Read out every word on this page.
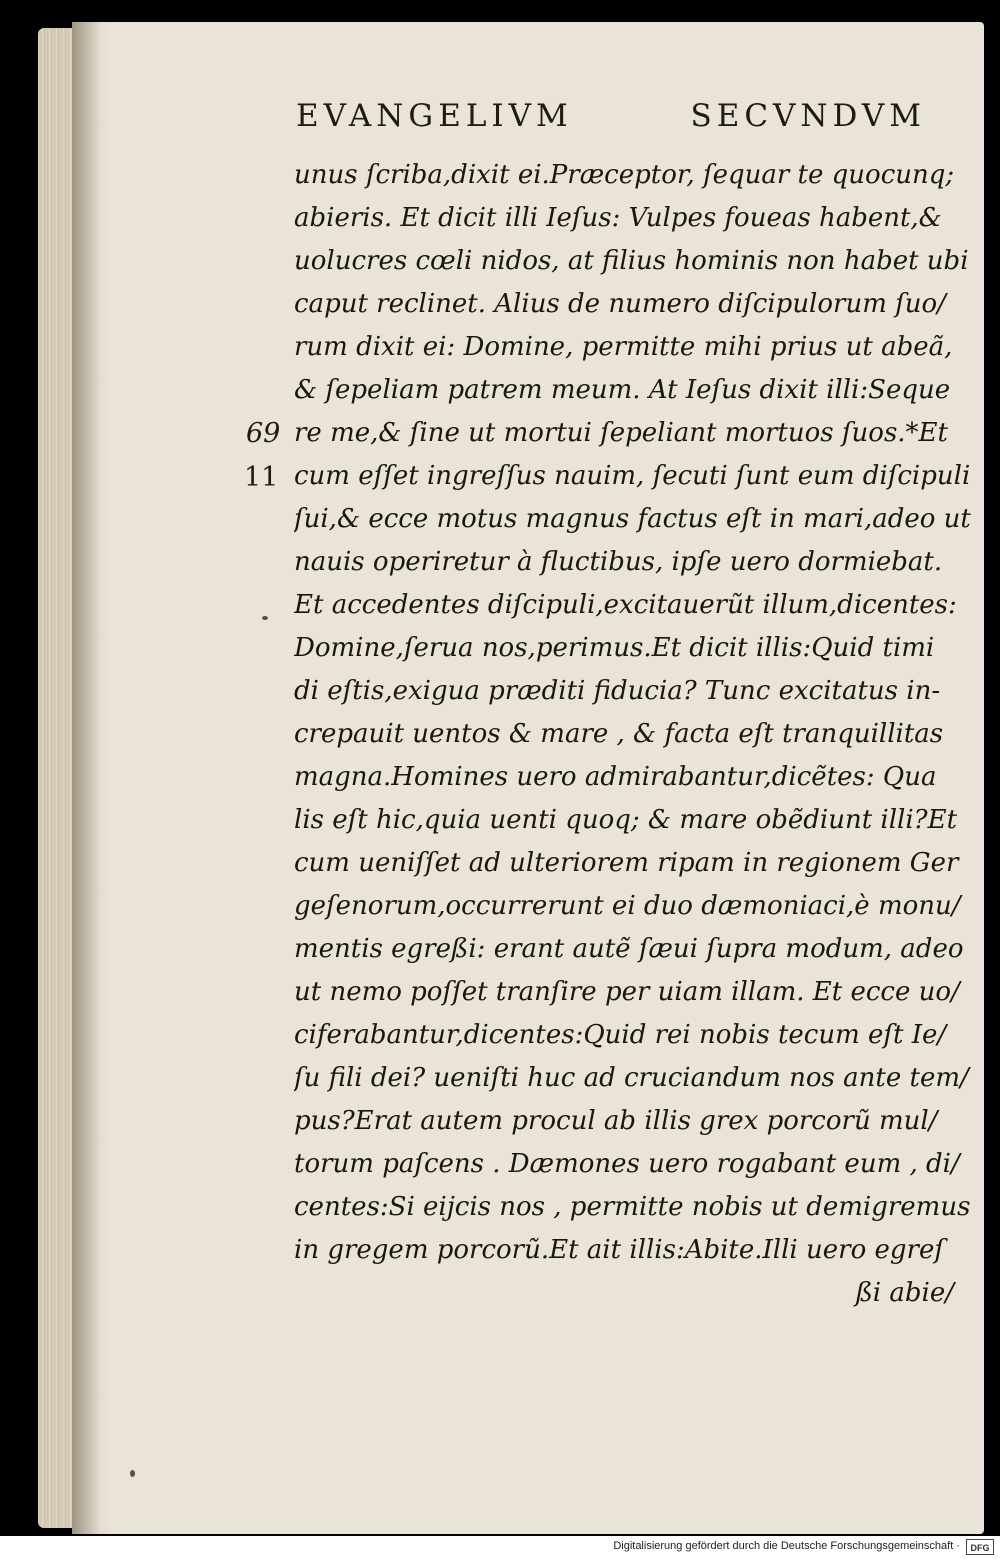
EVANGELIVM	SECVNDVM
69
11
unus ſcriba,dixit ei.Præceptor, ſequar te quocunq;
abieris. Et dicit illi Ieſus: Vulpes foueas habent,&
uolucres cœli nidos, at filius hominis non habet ubi
caput reclinet. Alius de numero diſcipulorum ſuo/
rum dixit ei: Domine, permitte mihi prius ut abeã,
& ſepeliam patrem meum. At Ieſus dixit illi:Seque
re me,& ſine ut mortui ſepeliant mortuos ſuos.*Et
cum eſſet ingreſſus nauim, ſecuti ſunt eum diſcipuli
ſui,& ecce motus magnus factus eſt in mari,adeo ut
nauis operiretur à fluctibus, ipſe uero dormiebat.
Et accedentes diſcipuli,excitauerũt illum,dicentes:
Domine,ſerua nos,perimus.Et dicit illis:Quid timi
di eſtis,exigua præditi fiducia? Tunc excitatus in-
crepauit uentos & mare , & facta eſt tranquillitas
magna.Homines uero admirabantur,dicẽtes: Qua
lis eſt hic,quia uenti quoq; & mare obẽdiunt illi?Et
cum ueniſſet ad ulteriorem ripam in regionem Ger
geſenorum,occurrerunt ei duo dæmoniaci,è monu/
mentis egreßi: erant autẽ ſæui ſupra modum, adeo
ut nemo poſſet tranſire per uiam illam. Et ecce uo/
ciferabantur,dicentes:Quid rei nobis tecum eſt Ie/
ſu fili dei? ueniſti huc ad cruciandum nos ante tem/
pus?Erat autem procul ab illis grex porcorũ mul/
torum paſcens . Dæmones uero rogabant eum , di/
centes:Si eijcis nos , permitte nobis ut demigremus
in gregem porcorũ.Et ait illis:Abite.Illi uero egreſ
ßi abie/
Digitalisierung gefördert durch die Deutsche Forschungsgemeinschaft ·	DFG
